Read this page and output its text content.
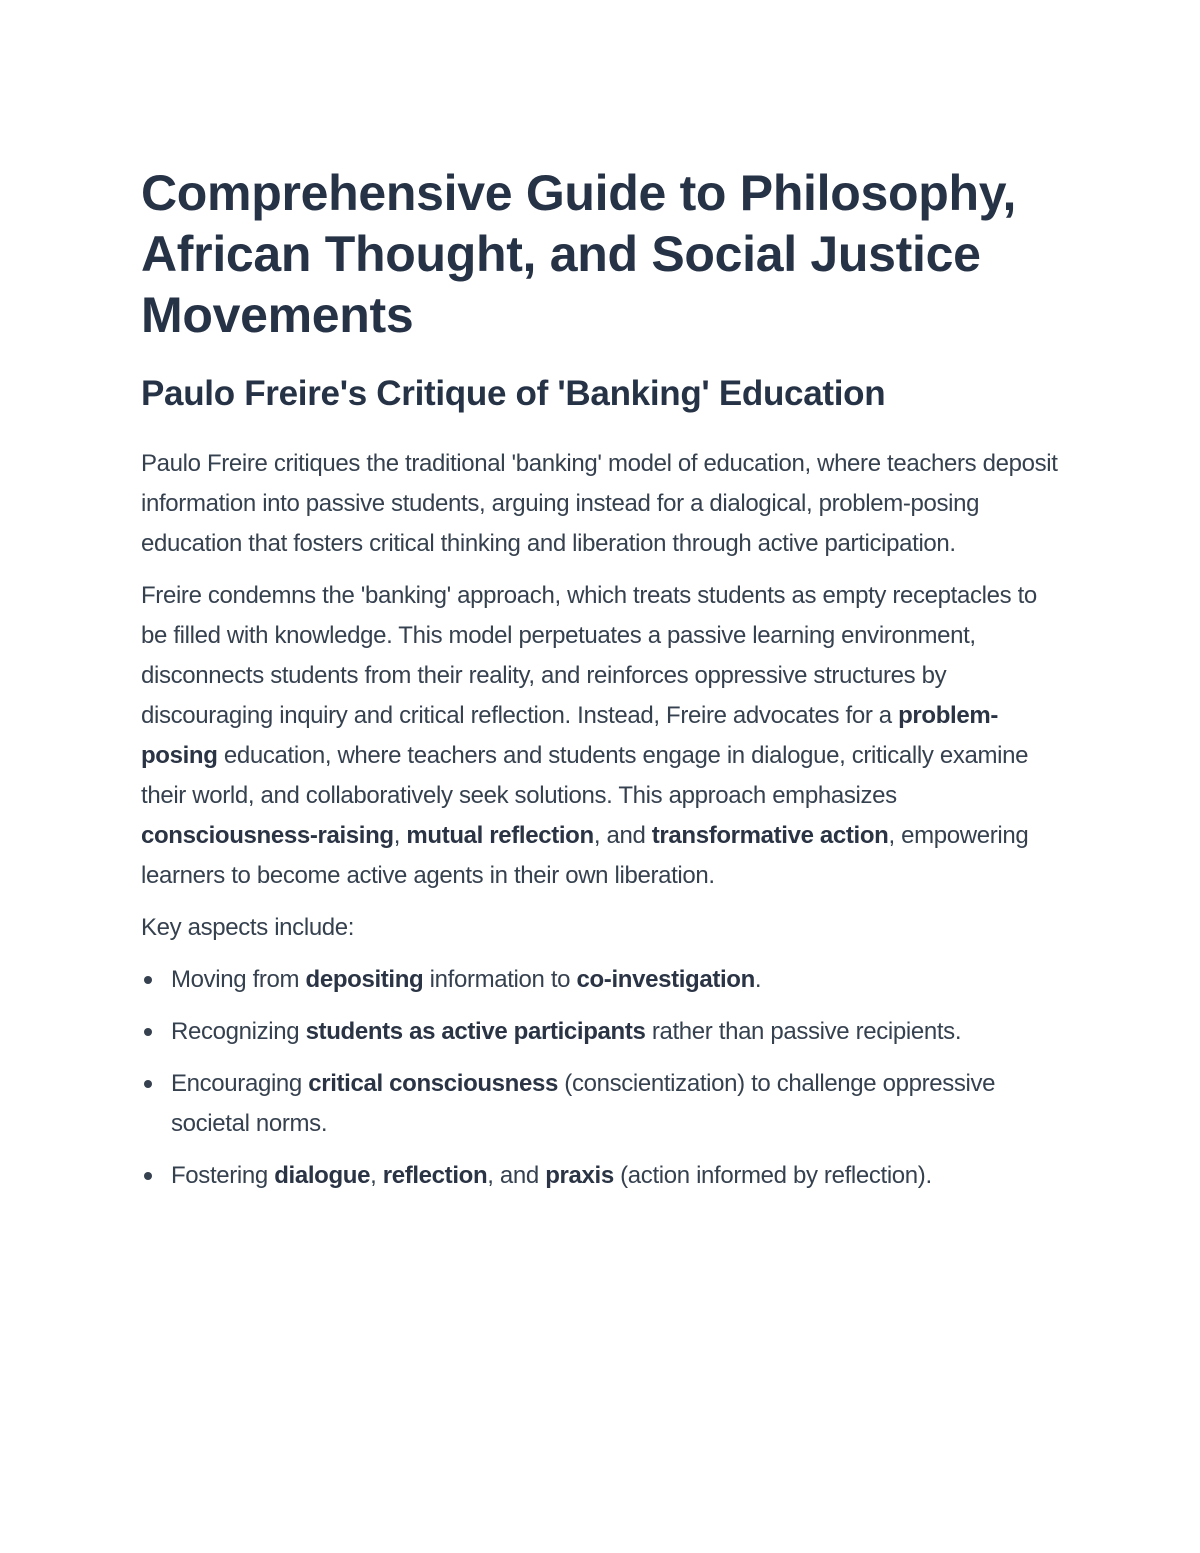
Comprehensive Guide to Philosophy, African Thought, and Social Justice Movements
Paulo Freire's Critique of 'Banking' Education

Paulo Freire critiques the traditional 'banking' model of education, where teachers deposit information into passive students, arguing instead for a dialogical, problem-posing education that fosters critical thinking and liberation through active participation.

Freire condemns the 'banking' approach, which treats students as empty receptacles to be filled with knowledge. This model perpetuates a passive learning environment, disconnects students from their reality, and reinforces oppressive structures by discouraging inquiry and critical reflection. Instead, Freire advocates for a problem-posing education, where teachers and students engage in dialogue, critically examine their world, and collaboratively seek solutions. This approach emphasizes consciousness-raising, mutual reflection, and transformative action, empowering learners to become active agents in their own liberation.

Key aspects include:

Moving from depositing information to co-investigation.
Recognizing students as active participants rather than passive recipients.
Encouraging critical consciousness (conscientization) to challenge oppressive societal norms.
Fostering dialogue, reflection, and praxis (action informed by reflection).
